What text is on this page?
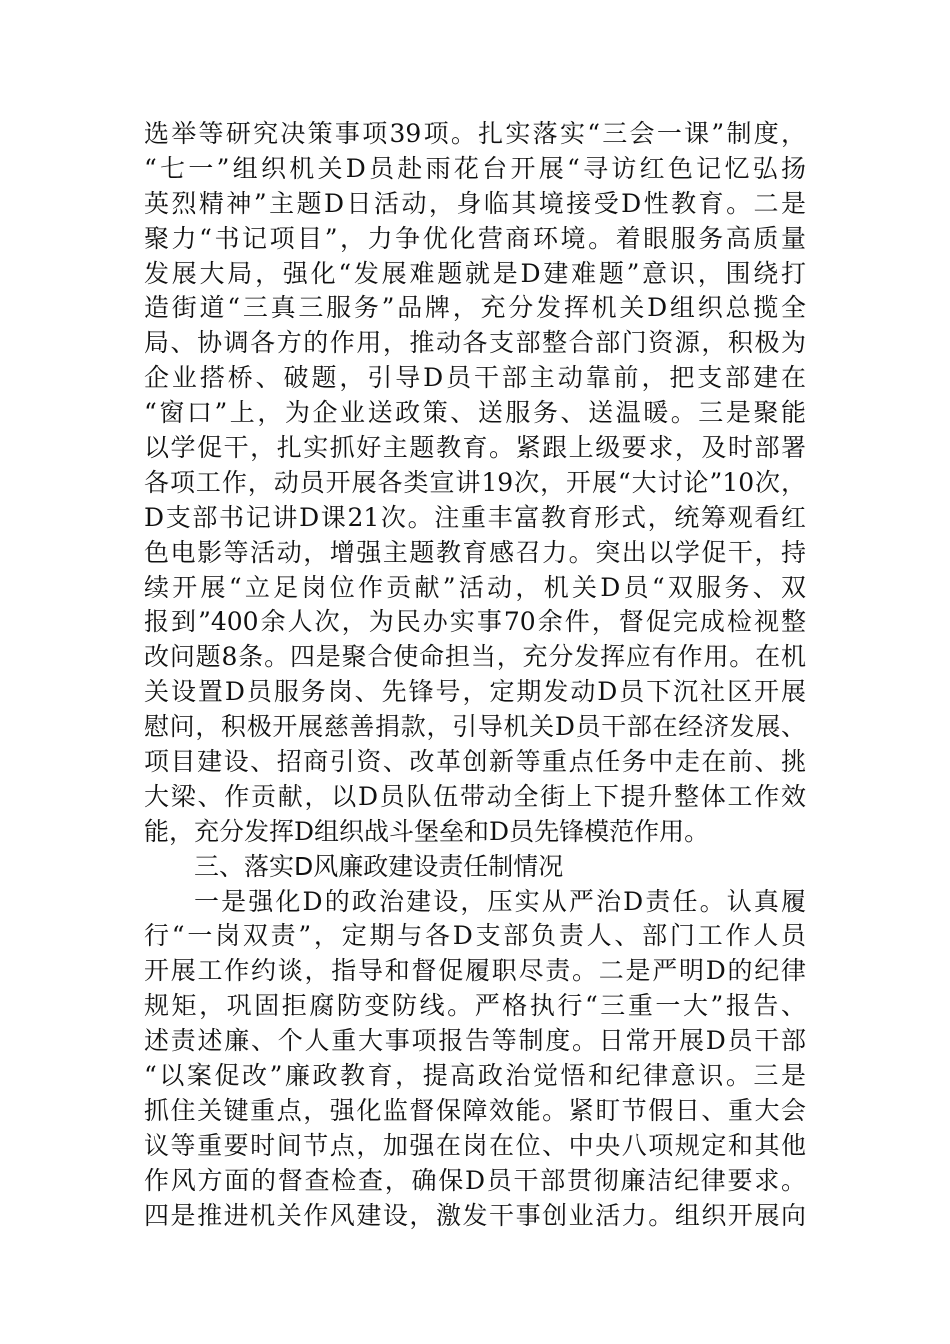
选举等研究决策事项39项。扎实落实“三会一课”制度，
“七一”组织机关D员赴雨花台开展“寻访红色记忆弘扬
英烈精神”主题D日活动，身临其境接受D性教育。二是
聚力“书记项目”，力争优化营商环境。着眼服务高质量
发展大局，强化“发展难题就是D建难题”意识，围绕打
造街道“三真三服务”品牌，充分发挥机关D组织总揽全
局、协调各方的作用，推动各支部整合部门资源，积极为
企业搭桥、破题，引导D员干部主动靠前，把支部建在
“窗口”上，为企业送政策、送服务、送温暖。三是聚能
以学促干，扎实抓好主题教育。紧跟上级要求，及时部署
各项工作，动员开展各类宣讲19次，开展“大讨论”10次，
D支部书记讲D课21次。注重丰富教育形式，统筹观看红
色电影等活动，增强主题教育感召力。突出以学促干，持
续开展“立足岗位作贡献”活动，机关D员“双服务、双
报到”400余人次，为民办实事70余件，督促完成检视整
改问题8条。四是聚合使命担当，充分发挥应有作用。在机
关设置D员服务岗、先锋号，定期发动D员下沉社区开展
慰问，积极开展慈善捐款，引导机关D员干部在经济发展、
项目建设、招商引资、改革创新等重点任务中走在前、挑
大梁、作贡献，以D员队伍带动全街上下提升整体工作效
能，充分发挥D组织战斗堡垒和D员先锋模范作用。
三、落实D风廉政建设责任制情况
一是强化D的政治建设，压实从严治D责任。认真履
行“一岗双责”，定期与各D支部负责人、部门工作人员
开展工作约谈，指导和督促履职尽责。二是严明D的纪律
规矩，巩固拒腐防变防线。严格执行“三重一大”报告、
述责述廉、个人重大事项报告等制度。日常开展D员干部
“以案促改”廉政教育，提高政治觉悟和纪律意识。三是
抓住关键重点，强化监督保障效能。紧盯节假日、重大会
议等重要时间节点，加强在岗在位、中央八项规定和其他
作风方面的督查检查，确保D员干部贯彻廉洁纪律要求。
四是推进机关作风建设，激发干事创业活力。组织开展向
